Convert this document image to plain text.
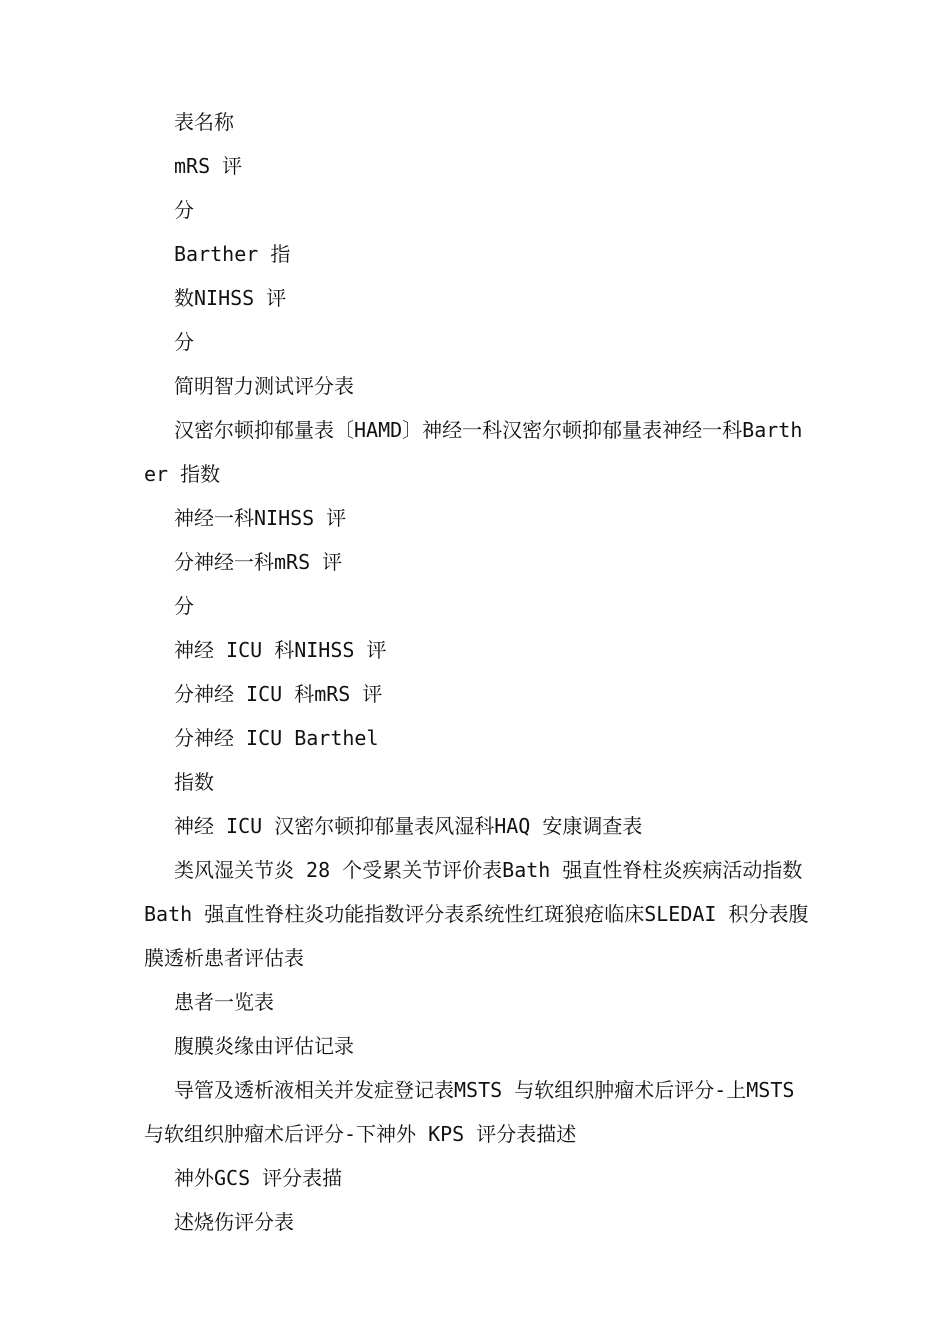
表名称

mRS 评

分

Barther 指

数NIHSS 评

分

简明智力测试评分表

汉密尔顿抑郁量表〔HAMD〕神经一科汉密尔顿抑郁量表神经一科Barther 指数

神经一科NIHSS 评

分神经一科mRS 评

分

神经 ICU 科NIHSS 评

分神经 ICU 科mRS 评

分神经 ICU Barthel

指数

神经 ICU 汉密尔顿抑郁量表风湿科HAQ 安康调查表

类风湿关节炎 28 个受累关节评价表Bath 强直性脊柱炎疾病活动指数 Bath 强直性脊柱炎功能指数评分表系统性红斑狼疮临床SLEDAI 积分表腹膜透析患者评估表

患者一览表

腹膜炎缘由评估记录

导管及透析液相关并发症登记表MSTS 与软组织肿瘤术后评分-上MSTS 与软组织肿瘤术后评分-下神外 KPS 评分表描述

神外GCS 评分表描

述烧伤评分表
